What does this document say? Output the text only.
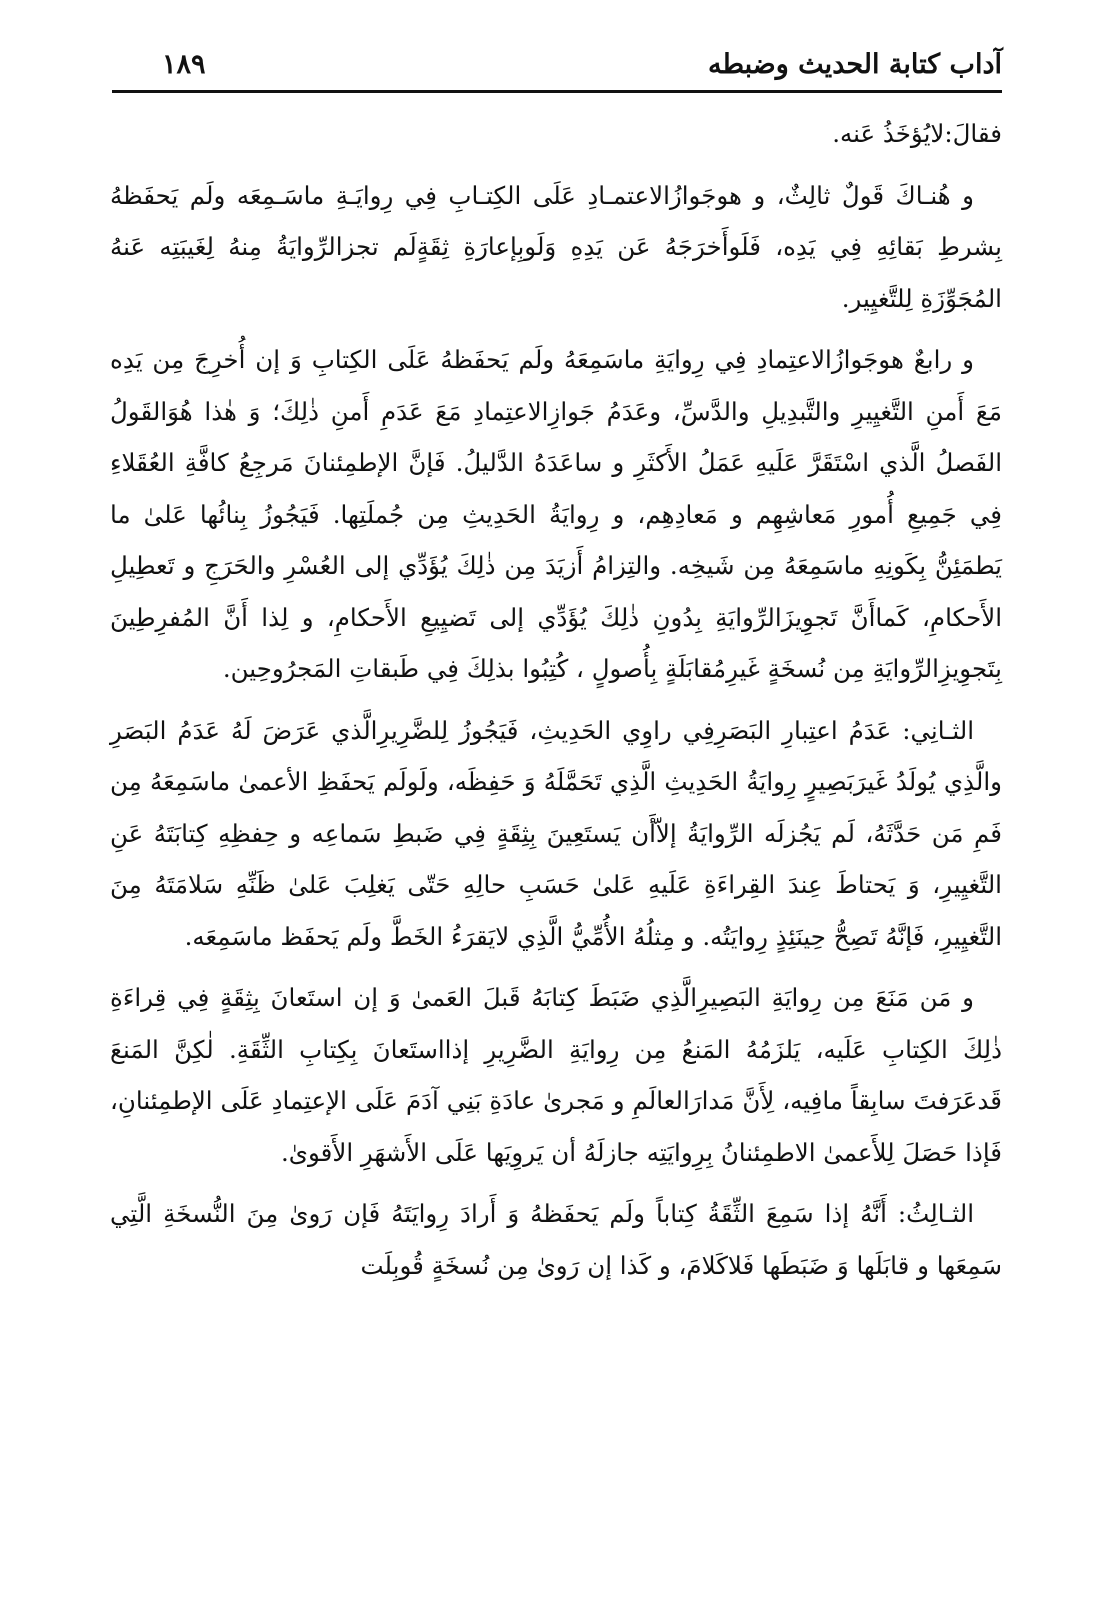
آداب كتابة الحديث وضبطه
١٨٩

فقالَ:لايُؤخَذُ عَنه.

و هُنـاكَ قَولٌ ثالِثٌ، و هوجَوازُالاعتمـادِ عَلَى الكِتـابِ فِي رِوايَـةِ ماسَـمِعَه ولَم يَحفَظهُ بِشرطِ بَقائِهِ فِي يَدِه، فَلَوأَخرَجَهُ عَن يَدِهِ وَلَوبِإعارَةِ ثِقَةٍلَم تجزالرِّوايَةُ مِنهُ لِغَيبَتِه عَنهُ المُجَوِّزَةِ لِلتَّغيِير.

و رابعٌ هوجَوازُالاعتِمادِ فِي رِوايَةِ ماسَمِعَهُ ولَم يَحفَظهُ عَلَى الكِتابِ وَ إن أُخرِجَ مِن يَدِه مَعَ أَمنِ التَّغيِيرِ والتَّبدِيلِ والدَّسِّ، وعَدَمُ جَوازِالاعتِمادِ مَعَ عَدَمِ أَمنِ ذٰلِكَ؛ وَ هٰذا هُوَالقَولُ الفَصلُ الَّذي اسْتَقَرَّ عَلَيهِ عَمَلُ الأَكثَرِ و ساعَدَهُ الدَّليلُ. فَإنَّ الإطمِئنانَ مَرجِعُ كافَّةِ العُقَلاءِ فِي جَمِيعِ أُمورِ مَعاشِهِم و مَعادِهِم، و رِوايَةُ الحَدِيثِ مِن جُملَتِها. فَيَجُوزُ بِنائُها عَلىٰ ما يَطمَئِنُّ بِكَونِهِ ماسَمِعَهُ مِن شَيخِه. والتِزامُ أَزيَدَ مِن ذٰلِكَ يُؤَدِّي إلى العُسْرِ والحَرَجِ و تَعطِيلِ الأَحكامِ، كَماأَنَّ تَجوِيزَالرِّوايَةِ بِدُونِ ذٰلِكَ يُؤَدِّي إلى تَضيِيعِ الأَحكامِ، و لِذا أَنَّ المُفرِطِينَ بِتَجوِيزِالرِّوايَةِ مِن نُسخَةٍ غَيرِمُقابَلَةٍ بِأُصولٍ ، كُتِبُوا بذلِكَ فِي طَبقاتِ المَجرُوحِين.

الثـانِي: عَدَمُ اعتِبارِ البَصَرِفِي راوِي الحَدِيثِ، فَيَجُوزُ لِلضَّرِيرِالَّذي عَرَضَ لَهُ عَدَمُ البَصَرِ والَّذِي يُولَدُ غَيرَبَصِيرٍ رِوايَةُ الحَدِيثِ الَّذِي تَحَمَّلَهُ وَ حَفِظَه، ولَولَم يَحفَظِ الأعمىٰ ماسَمِعَهُ مِن فَمِ مَن حَدَّثَهُ، لَم يَجُزلَه الرِّوايَةُ إلاّأَن يَستَعِينَ بِثِقَةٍ فِي ضَبطِ سَماعِه و حِفظِهِ كِتابَتَهُ عَنِ التَّغيِيرِ، وَ يَحتاطَ عِندَ القِراءَةِ عَلَيهِ عَلىٰ حَسَبِ حالِهِ حَتّى يَغلِبَ عَلىٰ ظَنِّهِ سَلامَتَهُ مِنَ التَّغيِيرِ، فَإنَّهُ تَصِحُّ حِينَئِذٍ رِوايَتُه. و مِثلُهُ الأُمِّيُّ الَّذِي لايَقرَءُ الخَطَّ ولَم يَحفَظ ماسَمِعَه.

و مَن مَنَعَ مِن رِوايَةِ البَصِيرِالَّذِي ضَبَطَ كِتابَهُ قَبلَ العَمىٰ وَ إن استَعانَ بِثِقَةٍ فِي قِراءَةِ ذٰلِكَ الكِتابِ عَلَيه، يَلزَمُهُ المَنعُ مِن رِوايَةِ الضَّرِيرِ إذااستَعانَ بِكِتابِ الثِّقَةِ. لٰكِنَّ المَنعَ قَدعَرَفتَ سابِقاً مافِيه، لِأَنَّ مَدارَالعالَمِ و مَجرىٰ عادَةِ بَنِي آدَمَ عَلَى الإعتِمادِ عَلَى الإطمِئنانِ، فَإذا حَصَلَ لِلأَعمىٰ الاطمِئنانُ بِرِوايَتِه جازلَهُ أن يَروِيَها عَلَى الأَشهَرِ الأَقوىٰ.

الثـالِثُ: أَنَّهُ إذا سَمِعَ الثِّقَةُ كِتاباً ولَم يَحفَظهُ وَ أَرادَ رِوايَتَهُ فَإن رَوىٰ مِنَ النُّسخَةِ الَّتِي سَمِعَها و قابَلَها وَ ضَبَطَها فَلاكَلامَ، و كَذا إن رَوىٰ مِن نُسخَةٍ قُوبِلَت
